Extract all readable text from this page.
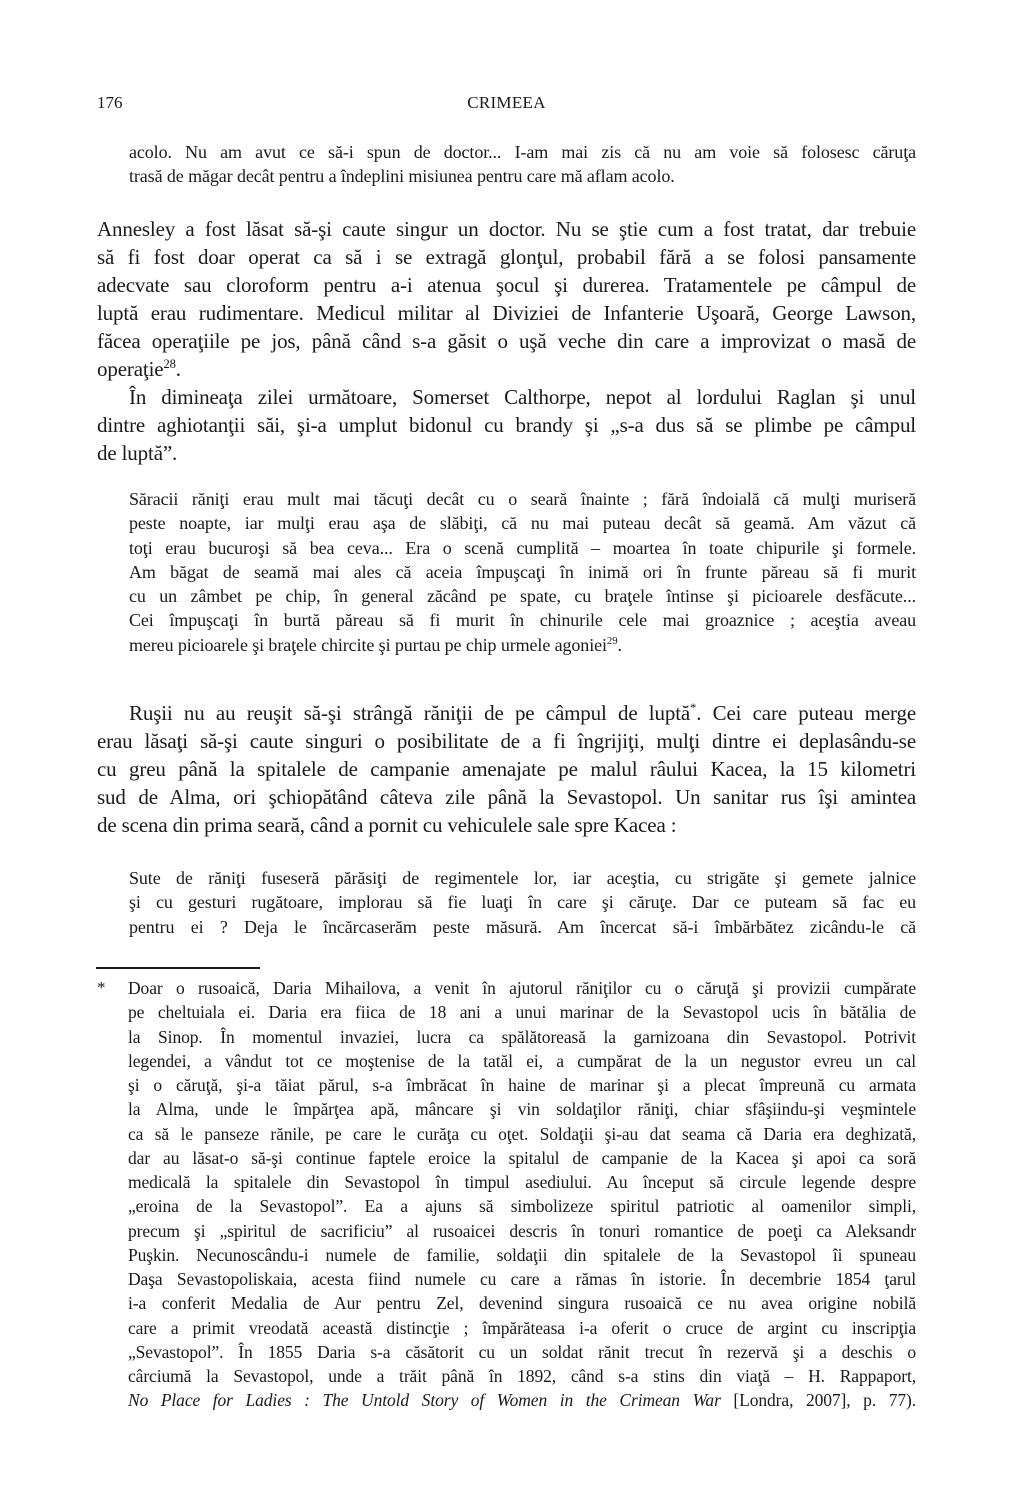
176	CRIMEEA
acolo. Nu am avut ce să-i spun de doctor... I-am mai zis că nu am voie să folosesc căruţa
trasă de măgar decât pentru a îndeplini misiunea pentru care mă aflam acolo.
Annesley a fost lăsat să-şi caute singur un doctor. Nu se ştie cum a fost tratat, dar trebuie
să fi fost doar operat ca să i se extragă glonţul, probabil fără a se folosi pansamente
adecvate sau cloroform pentru a-i atenua şocul şi durerea. Tratamentele pe câmpul de
luptă erau rudimentare. Medicul militar al Diviziei de Infanterie Uşoară, George Lawson,
făcea operaţiile pe jos, până când s-a găsit o uşă veche din care a improvizat o masă de
operaţie$^{28}$.
În dimineaţa zilei următoare, Somerset Calthorpe, nepot al lordului Raglan şi unul
dintre aghiotanţii săi, şi-a umplut bidonul cu brandy şi „s-a dus să se plimbe pe câmpul
de luptă”.
Săracii răniţi erau mult mai tăcuţi decât cu o seară înainte ; fără îndoială că mulţi muriseră
peste noapte, iar mulţi erau aşa de slăbiţi, că nu mai puteau decât să geamă. Am văzut că
toţi erau bucuroşi să bea ceva... Era o scenă cumplită – moartea în toate chipurile şi formele.
Am băgat de seamă mai ales că aceia împuşcaţi în inimă ori în frunte păreau să fi murit
cu un zâmbet pe chip, în general zăcând pe spate, cu braţele întinse şi picioarele desfăcute...
Cei împuşcaţi în burtă păreau să fi murit în chinurile cele mai groaznice ; aceştia aveau
mereu picioarele şi braţele chircite şi purtau pe chip urmele agoniei$^{29}$.
Ruşii nu au reuşit să-şi strângă răniţii de pe câmpul de luptă*. Cei care puteau merge
erau lăsaţi să-şi caute singuri o posibilitate de a fi îngrijiţi, mulţi dintre ei deplasându-se
cu greu până la spitalele de campanie amenajate pe malul râului Kacea, la 15 kilometri
sud de Alma, ori şchiopătând câteva zile până la Sevastopol. Un sanitar rus îşi amintea
de scena din prima seară, când a pornit cu vehiculele sale spre Kacea :
Sute de răniţi fuseseră părăsiţi de regimentele lor, iar aceştia, cu strigăte şi gemete jalnice
şi cu gesturi rugătoare, implorau să fie luaţi în care şi căruţe. Dar ce puteam să fac eu
pentru ei ? Deja le încărcaserăm peste măsură. Am încercat să-i îmbărbătez zicându-le că
* Doar o rusoaică, Daria Mihailova, a venit în ajutorul răniţilor cu o căruţă şi provizii cumpărate
pe cheltuiala ei. Daria era fiica de 18 ani a unui marinar de la Sevastopol ucis în bătălia de
la Sinop. În momentul invaziei, lucra ca spălătoreasă la garnizoana din Sevastopol. Potrivit
legendei, a vândut tot ce moştenise de la tatăl ei, a cumpărat de la un negustor evreu un cal
şi o căruţă, şi-a tăiat părul, s-a îmbrăcat în haine de marinar şi a plecat împreună cu armata
la Alma, unde le împărţea apă, mâncare şi vin soldaţilor răniţi, chiar sfâşiindu-şi veşmintele
ca să le panseze rănile, pe care le curăţa cu oţet. Soldaţii şi-au dat seama că Daria era deghizată,
dar au lăsat-o să-şi continue faptele eroice la spitalul de campanie de la Kacea şi apoi ca soră
medicală la spitalele din Sevastopol în timpul asediului. Au început să circule legende despre
„eroina de la Sevastopol”. Ea a ajuns să simbolizeze spiritul patriotic al oamenilor simpli,
precum şi „spiritul de sacrificiu” al rusoaicei descris în tonuri romantice de poeţi ca Aleksandr
Puşkin. Necunoscându-i numele de familie, soldaţii din spitalele de la Sevastopol îi spuneau
Daşa Sevastopoliskaia, acesta fiind numele cu care a rămas în istorie. În decembrie 1854 ţarul
i-a conferit Medalia de Aur pentru Zel, devenind singura rusoaică ce nu avea origine nobilă
care a primit vreodată această distincţie ; împărăteasa i-a oferit o cruce de argint cu inscripţia
„Sevastopol”. În 1855 Daria s-a căsătorit cu un soldat rănit trecut în rezervă şi a deschis o
cârciumă la Sevastopol, unde a trăit până în 1892, când s-a stins din viaţă – H. Rappaport,
No Place for Ladies : The Untold Story of Women in the Crimean War [Londra, 2007], p. 77).
